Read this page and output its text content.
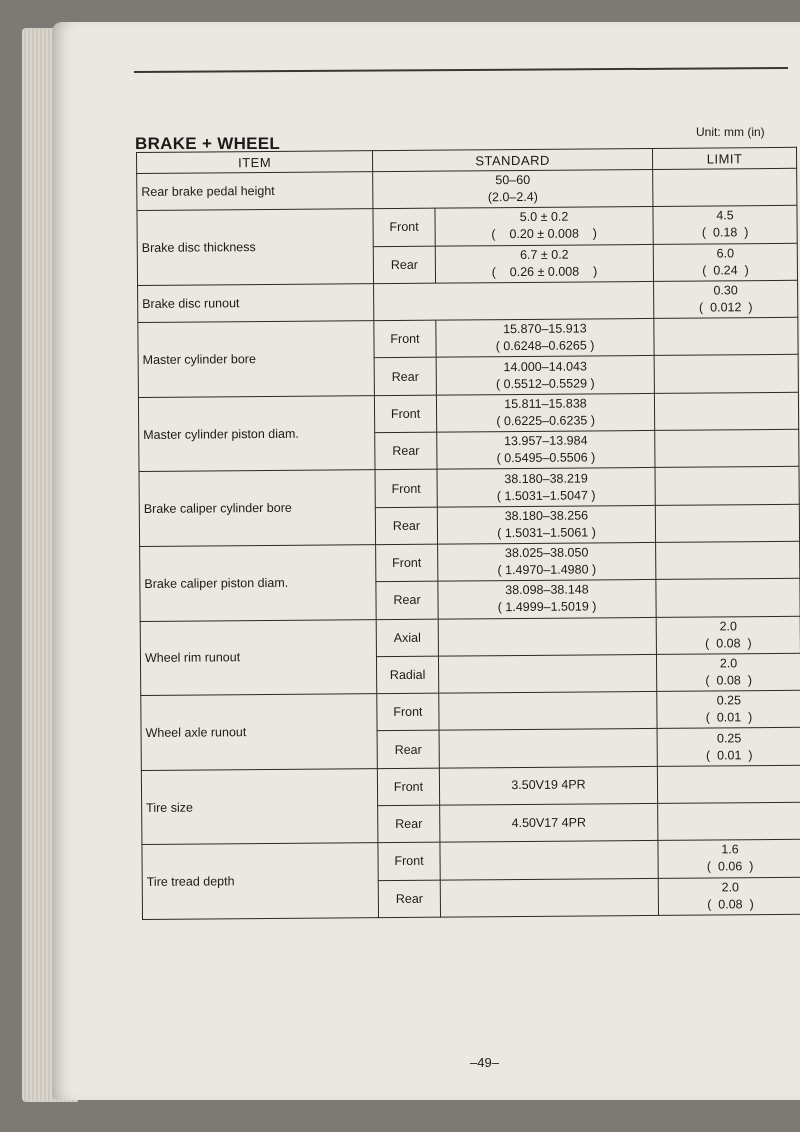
BRAKE + WHEEL
Unit: mm (in)
ITEM	STANDARD		LIMIT
Rear brake pedal height	50–60
(2.0–2.4)		

Brake disc thickness	Front	5.0 ± 0.2
(    0.20 ± 0.008    )	4.5
(  0.18  )

	Rear	6.7 ± 0.2
(    0.26 ± 0.008    )	6.0
(  0.24  )

Brake disc runout			0.30
(  0.012  )

Master cylinder bore	Front	15.870–15.913
( 0.6248–0.6265 )	

	Rear	14.000–14.043
( 0.5512–0.5529 )	

Master cylinder piston diam.	Front	15.811–15.838
( 0.6225–0.6235 )	

	Rear	13.957–13.984
( 0.5495–0.5506 )	

Brake caliper cylinder bore	Front	38.180–38.219
( 1.5031–1.5047 )	

	Rear	38.180–38.256
( 1.5031–1.5061 )	

Brake caliper piston diam.	Front	38.025–38.050
( 1.4970–1.4980 )	

	Rear	38.098–38.148
( 1.4999–1.5019 )	

Wheel rim runout	Axial		2.0
(  0.08  )

	Radial		2.0
(  0.08  )

Wheel axle runout	Front		0.25
(  0.01  )

	Rear		0.25
(  0.01  )

Tire size	Front	3.50V19 4PR	

	Rear	4.50V17 4PR	

Tire tread depth	Front		1.6
(  0.06  )

	Rear		2.0
(  0.08  )
–49–
